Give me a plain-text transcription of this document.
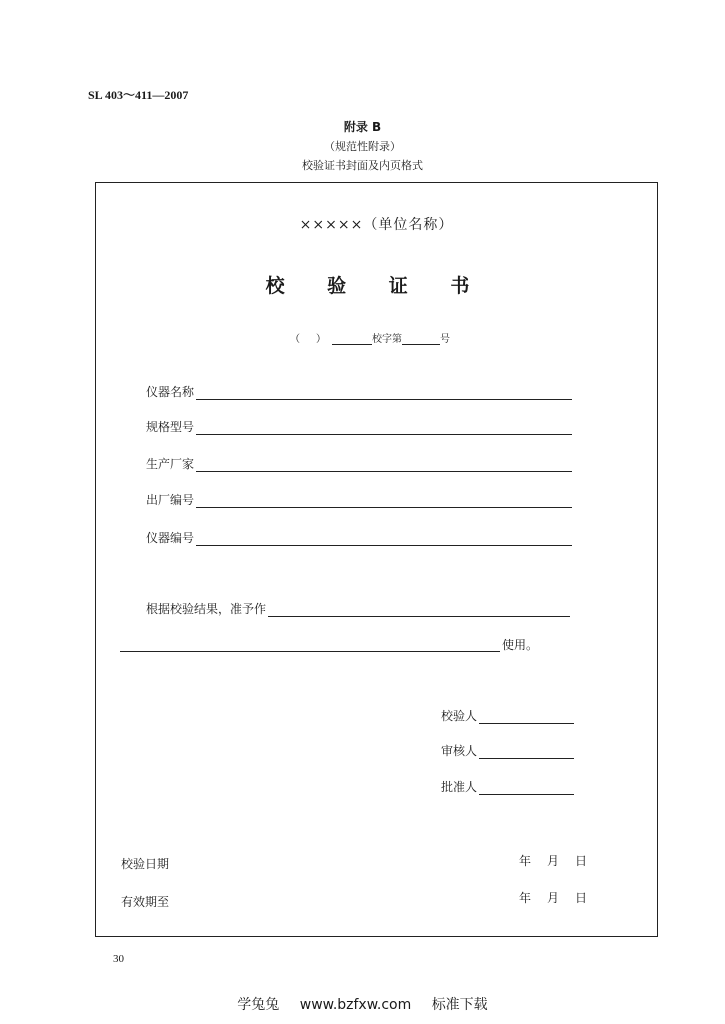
SL 403～411—2007
附录 B
（规范性附录）
校验证书封面及内页格式
×××××（单位名称）
校 验 证 书
（ ）	校字第	号
仪器名称
规格型号
生产厂家
出厂编号
仪器编号
根据校验结果，准予作
使用。
校验人
审核人
批准人
校验日期	年 月 日
有效期至	年 月 日
30
学兔兔 www.bzfxw.com 标准下载
